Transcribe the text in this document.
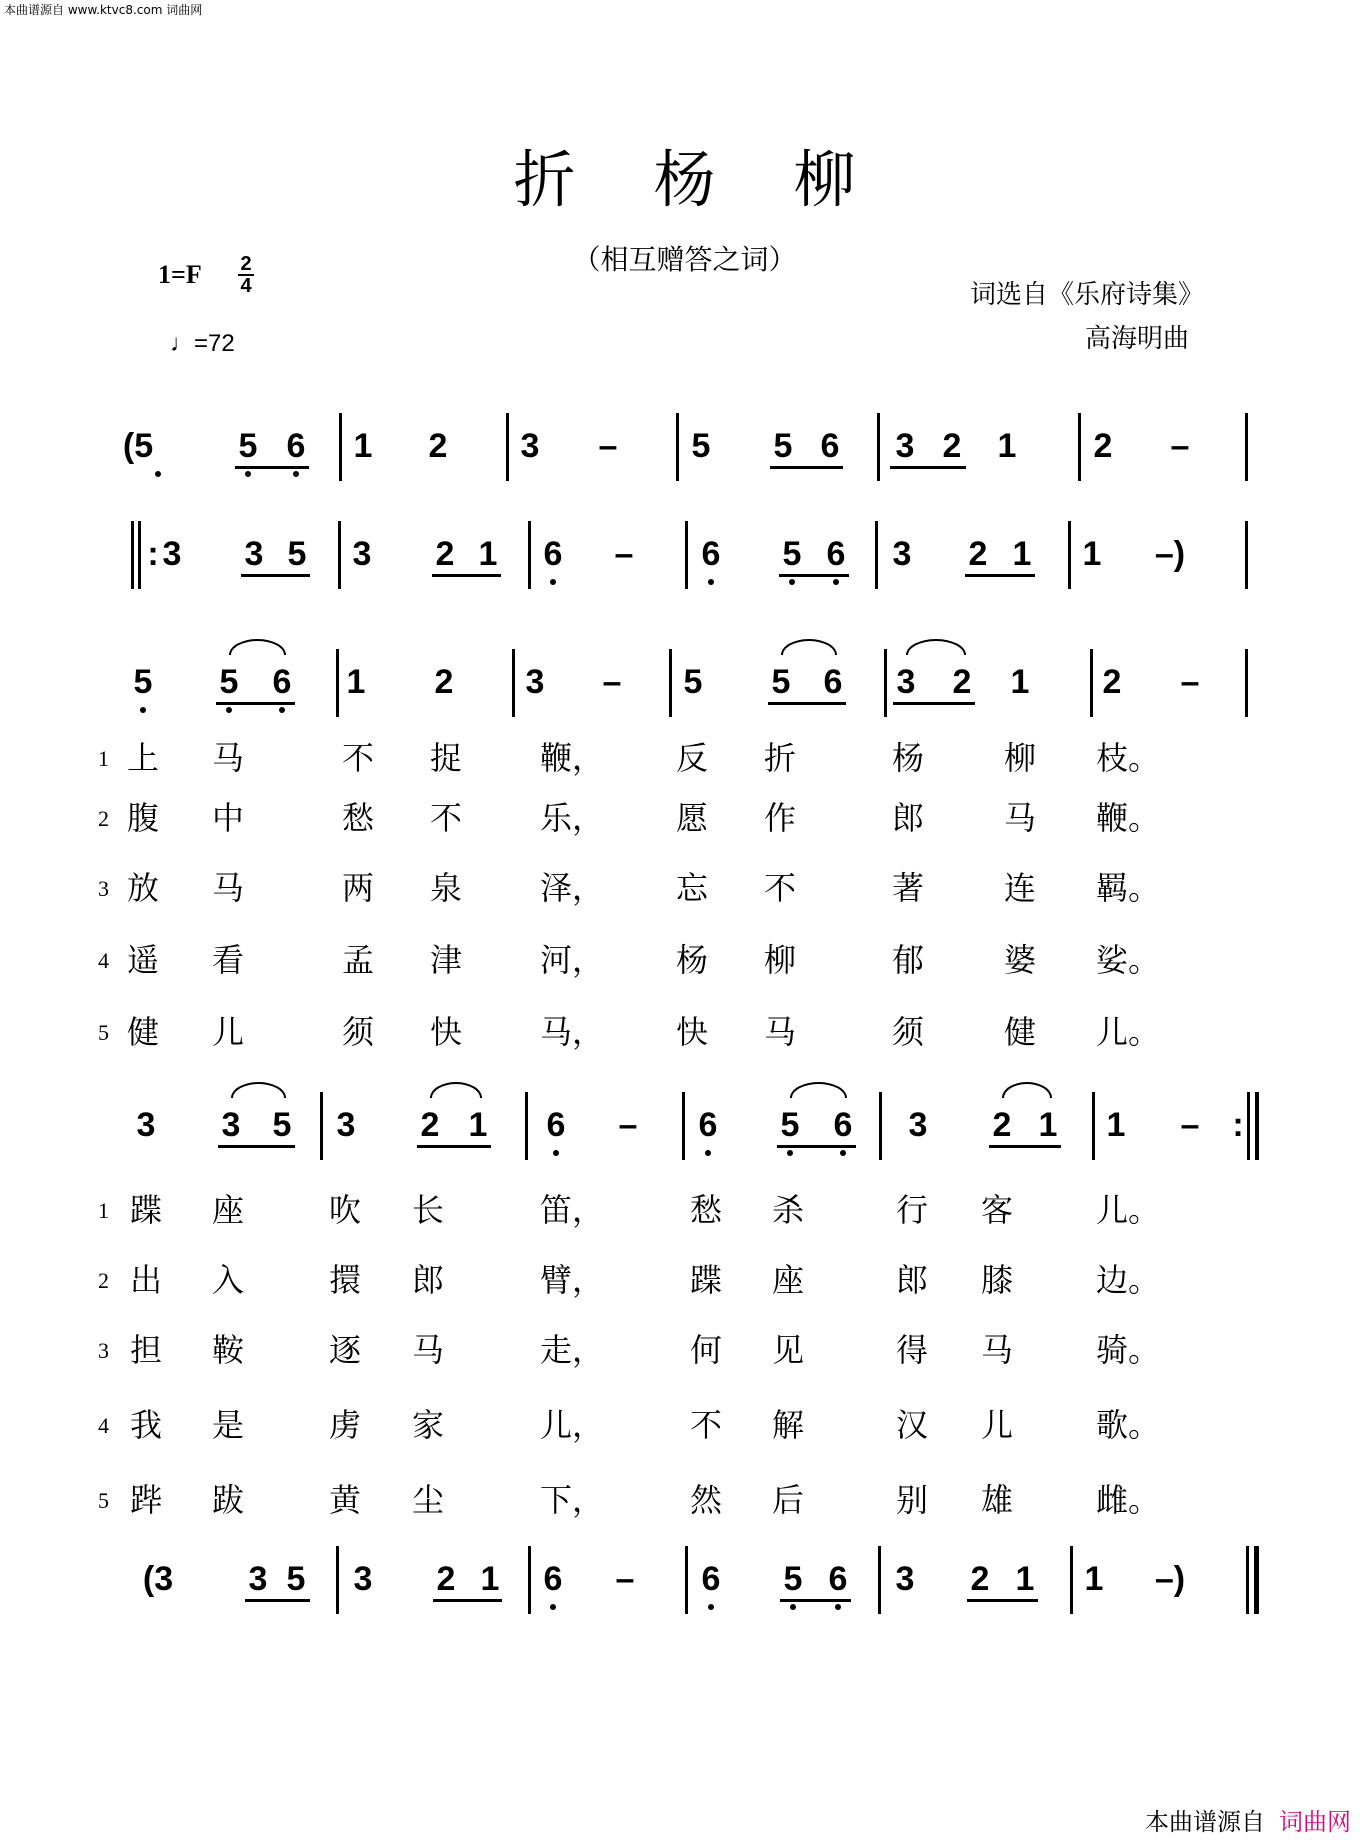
本曲谱源自 www.ktvc8.com 词曲网
折杨柳
（相互赠答之词）
1=F 2
4
♩=72
词选自《乐府诗集》
高海明曲
(5	5 6 1 2 3 – 5 5 6 3 2 1 2 –
3 3 5 3 2 1 6 – 6 5 6 3 2 1 1 –)
:
5 5 6 1 2 3 – 5 5 6 3 2 1 2 –
3 3 5 3 2 1 6 – 6 5 6 3 2 1 1 – :
(3 3 5 3 2 1 6 – 6 5 6 3 2 1 1 –)
1 上 马	不 捉 鞭， 反 折	杨 柳 枝。
2 腹 中	愁 不 乐， 愿 作	郎 马 鞭。
3 放 马	两 泉 泽， 忘 不	著 连 羁。
4 遥 看	孟 津 河， 杨 柳	郁 婆 娑。
5 健 儿	须 快 马， 快 马	须 健 儿。
1 蹀 座	吹 长	笛，	愁 杀	行 客	儿。
2 出 入	擐 郎	臂，	蹀 座	郎 膝	边。
3 担 鞍	逐 马	走，	何 见	得 马	骑。
4 我 是	虏 家	儿，	不 解	汉 儿	歌。
5 跸 跋	黄 尘	下，	然 后	别 雄	雌。
本曲谱源自 词曲网
